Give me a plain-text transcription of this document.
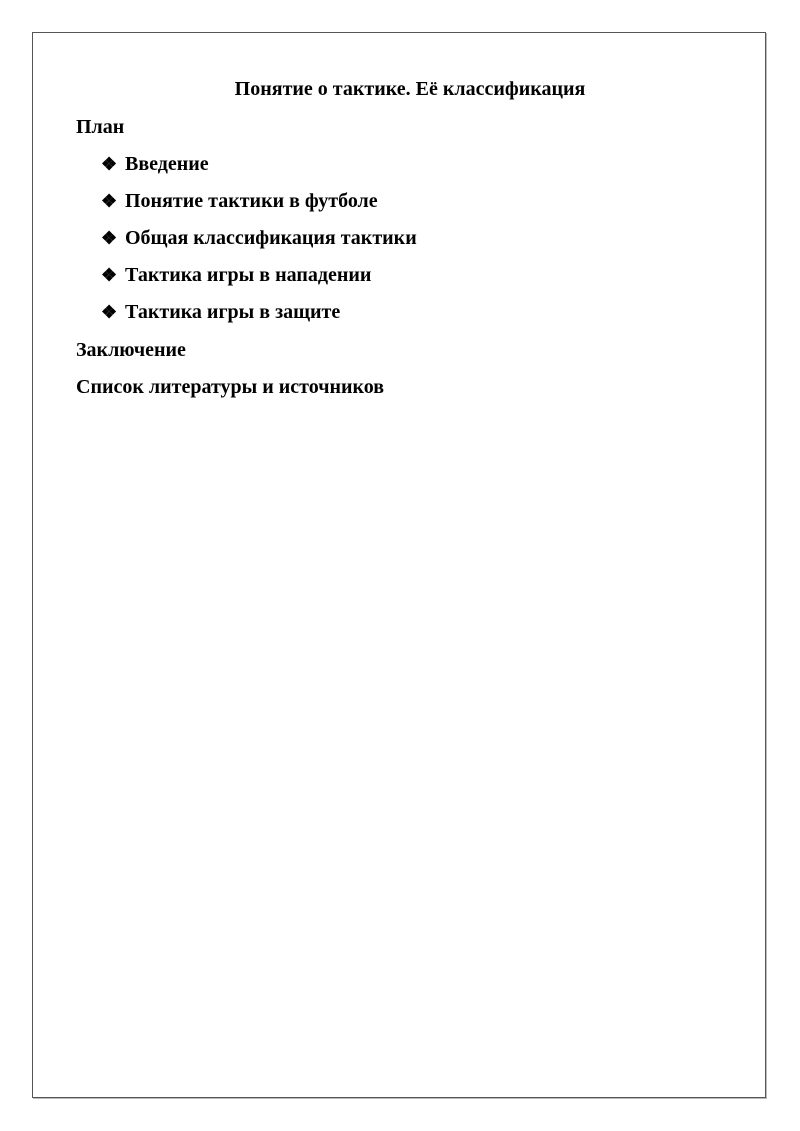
Понятие о тактике. Её классификация

План

❖ Введение
❖ Понятие тактики в футболе
❖ Общая классификация тактики
❖ Тактика игры в нападении
❖ Тактика игры в защите

Заключение

Список литературы и источников
